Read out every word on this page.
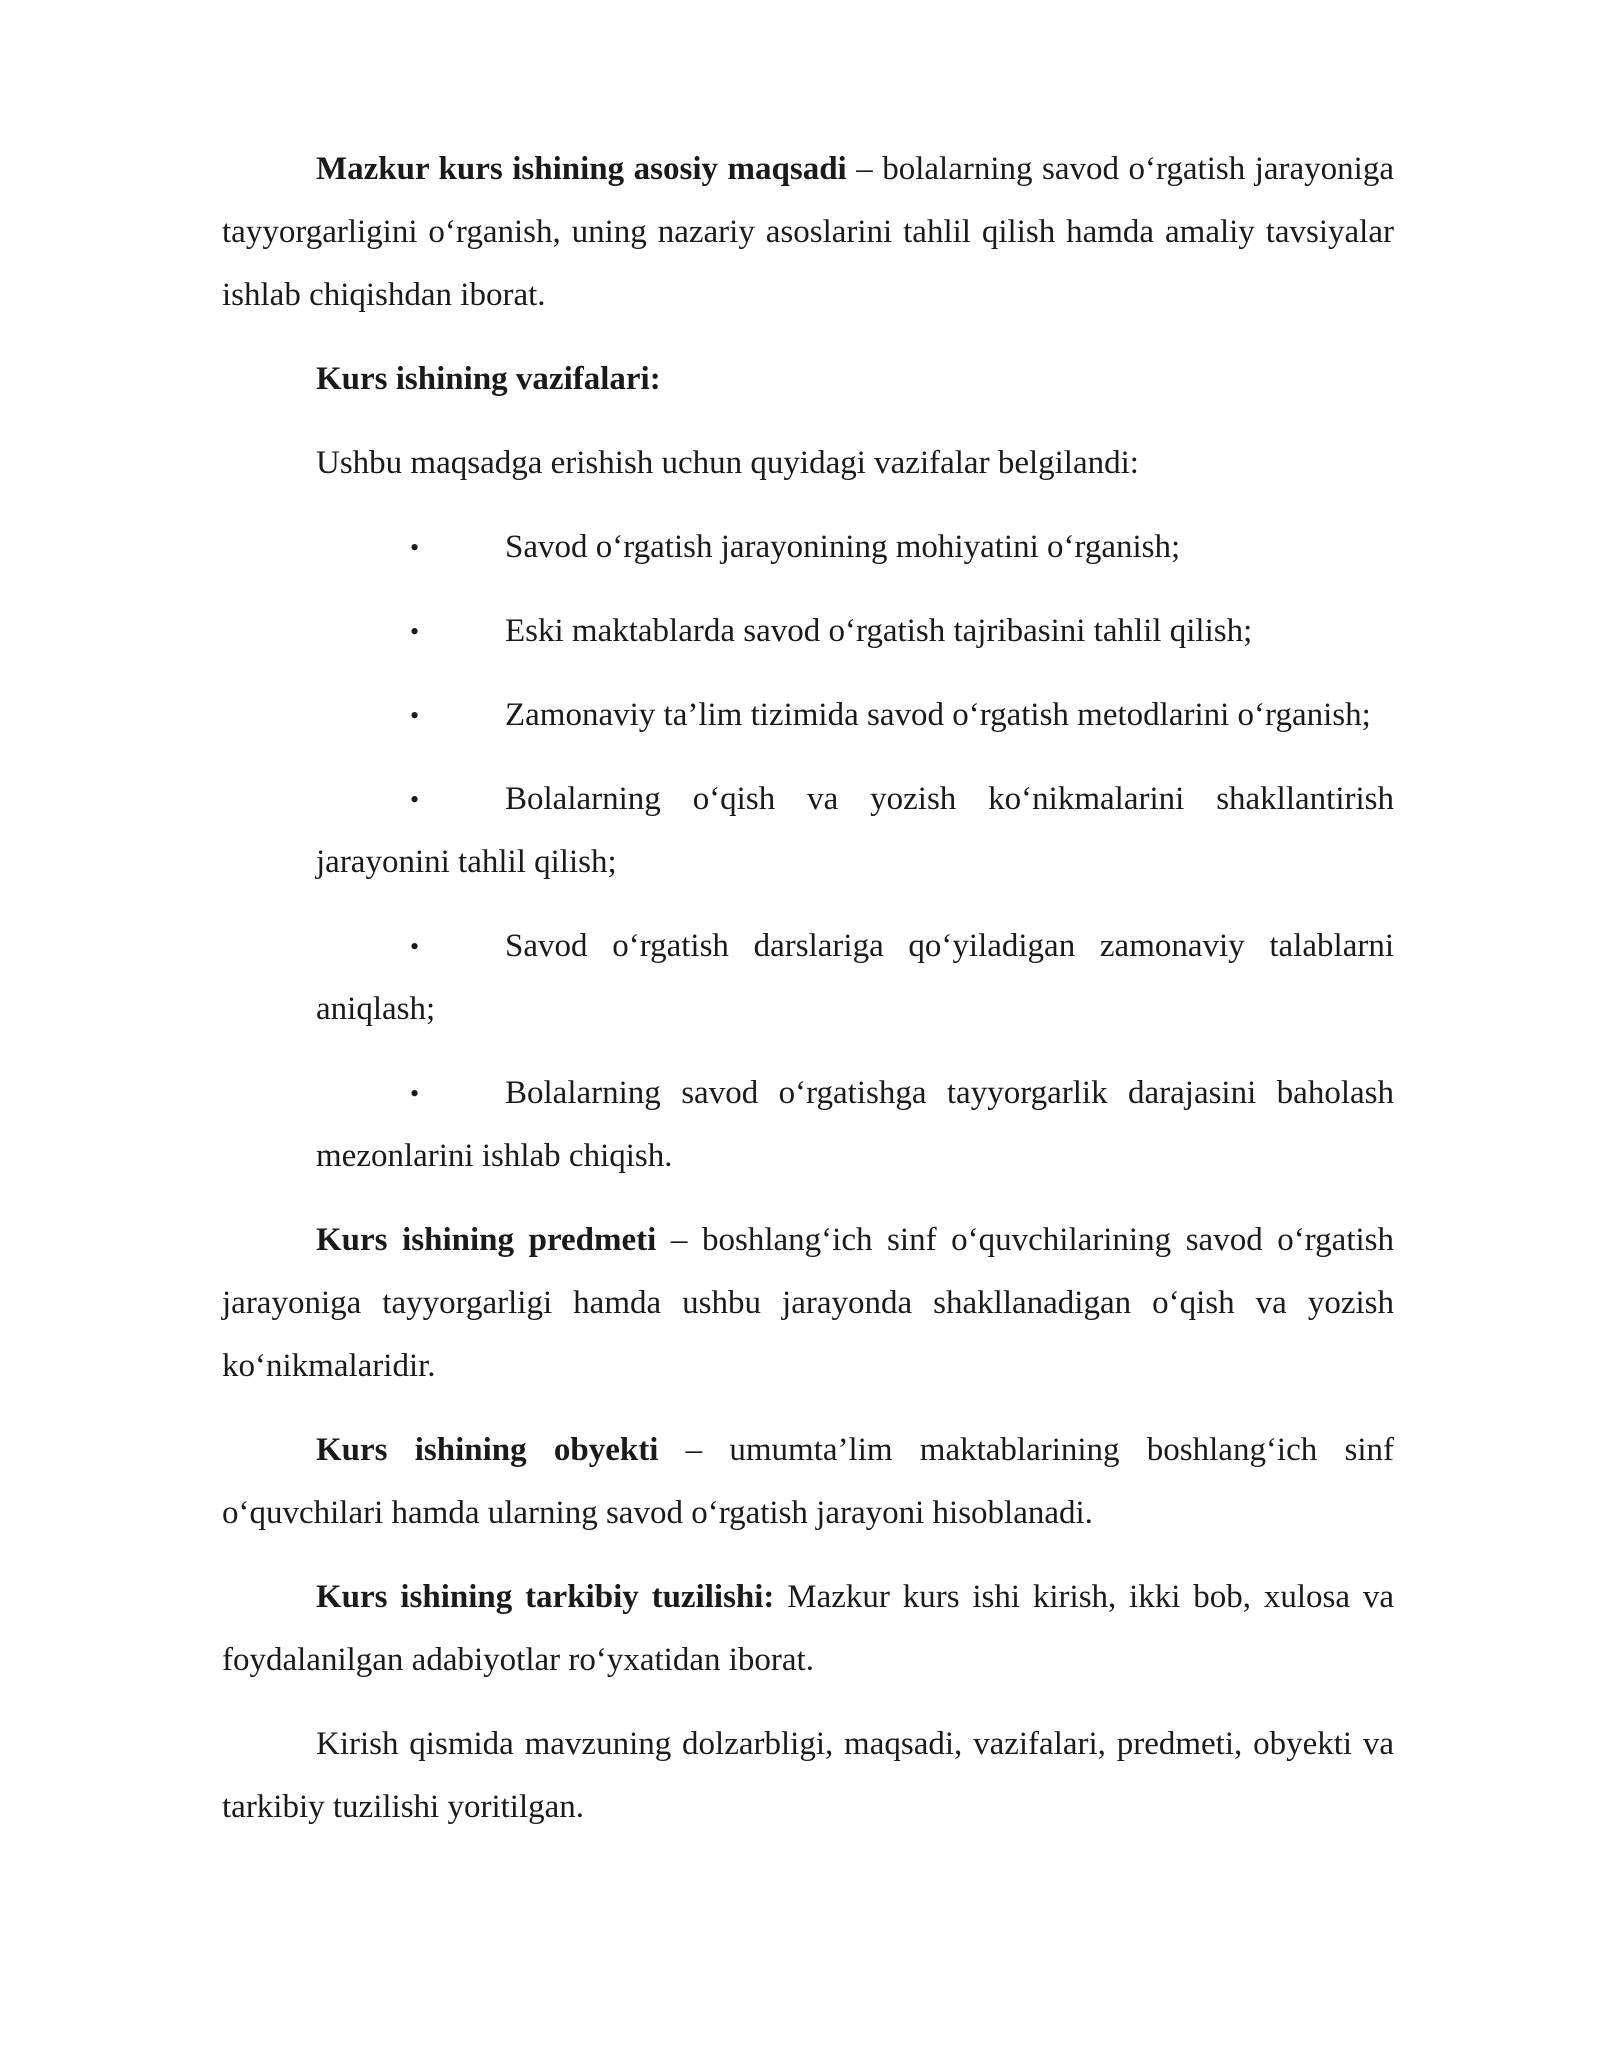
Mazkur kurs ishining asosiy maqsadi – bolalarning savod oʻrgatish jarayoniga tayyorgarligini oʻrganish, uning nazariy asoslarini tahlil qilish hamda amaliy tavsiyalar ishlab chiqishdan iborat.

Kurs ishining vazifalari:

Ushbu maqsadga erishish uchun quyidagi vazifalar belgilandi:

•	Savod oʻrgatish jarayonining mohiyatini oʻrganish;
•	Eski maktablarda savod oʻrgatish tajribasini tahlil qilish;
•	Zamonaviy ta’lim tizimida savod oʻrgatish metodlarini oʻrganish;
•	Bolalarning oʻqish va yozish koʻnikmalarini shakllantirish jarayonini tahlil qilish;
•	Savod oʻrgatish darslariga qoʻyiladigan zamonaviy talablarni aniqlash;
•	Bolalarning savod oʻrgatishga tayyorgarlik darajasini baholash mezonlarini ishlab chiqish.

Kurs ishining predmeti – boshlangʻich sinf oʻquvchilarining savod oʻrgatish jarayoniga tayyorgarligi hamda ushbu jarayonda shakllanadigan oʻqish va yozish koʻnikmalaridir.

Kurs ishining obyekti – umumta’lim maktablarining boshlangʻich sinf oʻquvchilari hamda ularning savod oʻrgatish jarayoni hisoblanadi.

Kurs ishining tarkibiy tuzilishi: Mazkur kurs ishi kirish, ikki bob, xulosa va foydalanilgan adabiyotlar roʻyxatidan iborat.

Kirish qismida mavzuning dolzarbligi, maqsadi, vazifalari, predmeti, obyekti va tarkibiy tuzilishi yoritilgan.
